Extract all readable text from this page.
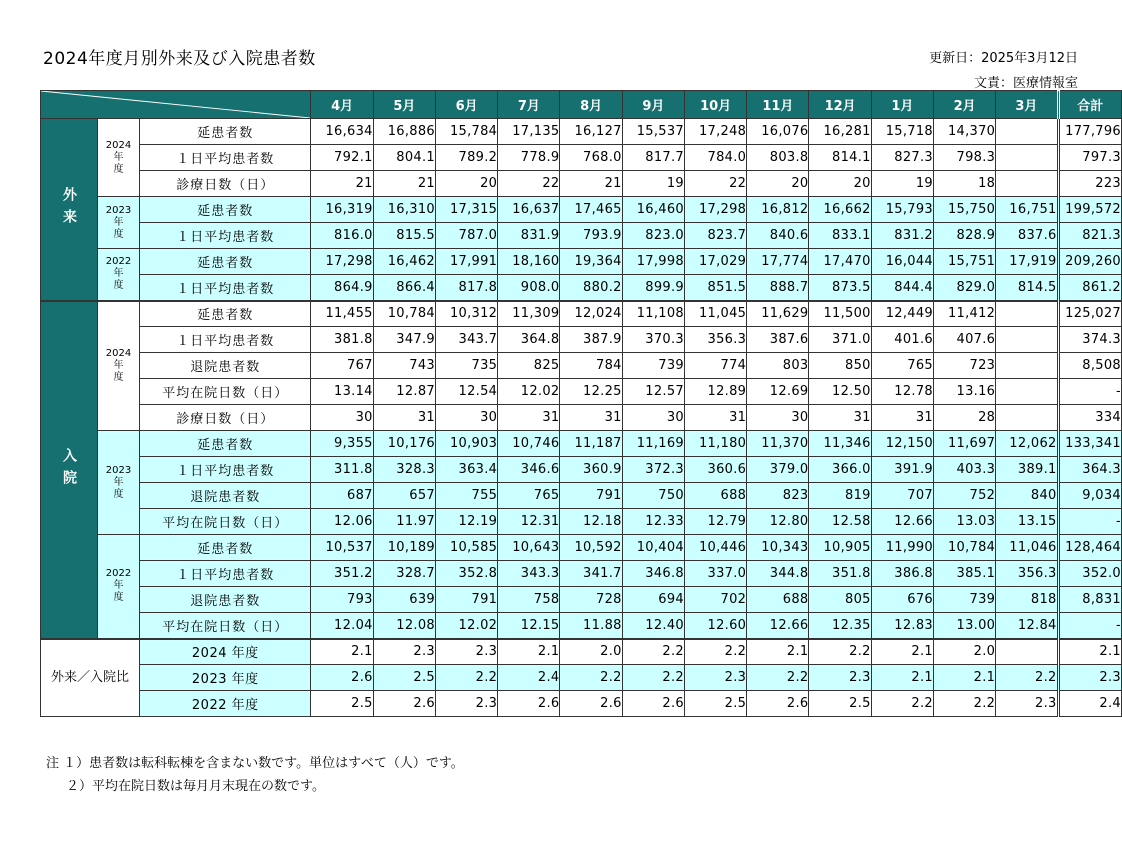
2024年度月別外来及び入院患者数	更新日：2025年3月12日
文責：医療情報室
	4月	5月	6月	7月	8月	9月	10月	11月	12月	1月	2月	3月	合計
外来	2024
年
度	延患者数	16,634	16,886	15,784	17,135	16,127	15,537	17,248	16,076	16,281	15,718	14,370		177,796
		１日平均患者数	792.1	804.1	789.2	778.9	768.0	817.7	784.0	803.8	814.1	827.3	798.3		797.3
		診療日数（日）	21	21	20	22	21	19	22	20	20	19	18		223

	2023
年
度	延患者数	16,319	16,310	17,315	16,637	17,465	16,460	17,298	16,812	16,662	15,793	15,750	16,751	199,572
		１日平均患者数	816.0	815.5	787.0	831.9	793.9	823.0	823.7	840.6	833.1	831.2	828.9	837.6	821.3

	2022
年
度	延患者数	17,298	16,462	17,991	18,160	19,364	17,998	17,029	17,774	17,470	16,044	15,751	17,919	209,260
		１日平均患者数	864.9	866.4	817.8	908.0	880.2	899.9	851.5	888.7	873.5	844.4	829.0	814.5	861.2
入院	2024
年
度	延患者数	11,455	10,784	10,312	11,309	12,024	11,108	11,045	11,629	11,500	12,449	11,412		125,027
		１日平均患者数	381.8	347.9	343.7	364.8	387.9	370.3	356.3	387.6	371.0	401.6	407.6		374.3
		退院患者数	767	743	735	825	784	739	774	803	850	765	723		8,508
		平均在院日数（日）	13.14	12.87	12.54	12.02	12.25	12.57	12.89	12.69	12.50	12.78	13.16		-
		診療日数（日）	30	31	30	31	31	30	31	30	31	31	28		334

	2023
年
度	延患者数	9,355	10,176	10,903	10,746	11,187	11,169	11,180	11,370	11,346	12,150	11,697	12,062	133,341
		１日平均患者数	311.8	328.3	363.4	346.6	360.9	372.3	360.6	379.0	366.0	391.9	403.3	389.1	364.3
		退院患者数	687	657	755	765	791	750	688	823	819	707	752	840	9,034
		平均在院日数（日）	12.06	11.97	12.19	12.31	12.18	12.33	12.79	12.80	12.58	12.66	13.03	13.15	-

	2022
年
度	延患者数	10,537	10,189	10,585	10,643	10,592	10,404	10,446	10,343	10,905	11,990	10,784	11,046	128,464
		１日平均患者数	351.2	328.7	352.8	343.3	341.7	346.8	337.0	344.8	351.8	386.8	385.1	356.3	352.0
		退院患者数	793	639	791	758	728	694	702	688	805	676	739	818	8,831
		平均在院日数（日）	12.04	12.08	12.02	12.15	11.88	12.40	12.60	12.66	12.35	12.83	13.00	12.84	-
外来／入院比		2024 年度	2.1	2.3	2.3	2.1	2.0	2.2	2.2	2.1	2.2	2.1	2.0		2.1
		2023 年度	2.6	2.5	2.2	2.4	2.2	2.2	2.3	2.2	2.3	2.1	2.1	2.2	2.3
		2022 年度	2.5	2.6	2.3	2.6	2.6	2.6	2.5	2.6	2.5	2.2	2.2	2.3	2.4
注 １）患者数は転科転棟を含まない数です。単位はすべて（人）です。
２）平均在院日数は毎月月末現在の数です。
